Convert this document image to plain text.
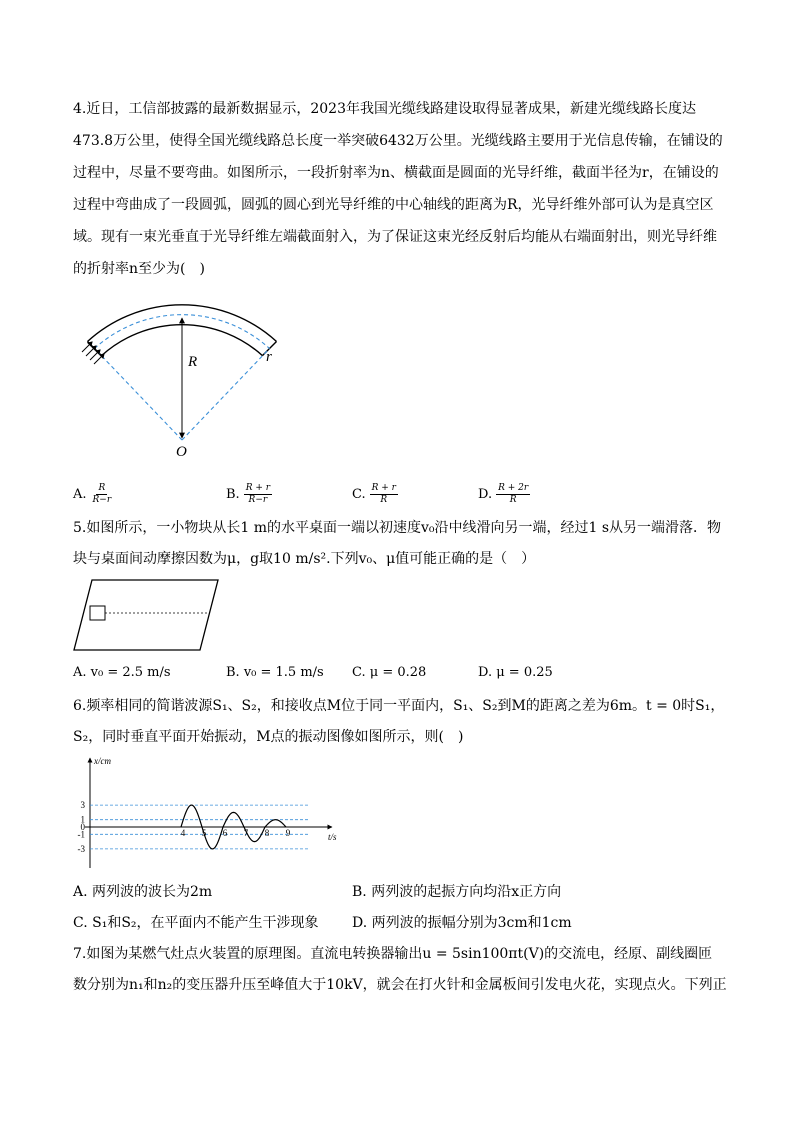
4.近日，工信部披露的最新数据显示，2023年我国光缆线路建设取得显著成果，新建光缆线路长度达
473.8万公里，使得全国光缆线路总长度一举突破6432万公里。光缆线路主要用于光信息传输，在铺设的
过程中，尽量不要弯曲。如图所示，一段折射率为n、横截面是圆面的光导纤维，截面半径为r，在铺设的
过程中弯曲成了一段圆弧，圆弧的圆心到光导纤维的中心轴线的距离为R，光导纤维外部可认为是真空区
域。现有一束光垂直于光导纤维左端截面射入，为了保证这束光经反射后均能从右端面射出，则光导纤维
的折射率n至少为(　)
R	r
O
A. $\frac{R}{R-r}$	B. $\frac{R + r}{R-r}$	C. $\frac{R + r}{R}$	D. $\frac{R + 2r}{R}$
5.如图所示，一小物块从长1 m的水平桌面一端以初速度v₀沿中线滑向另一端，经过1 s从另一端滑落．物
块与桌面间动摩擦因数为μ，g取10 m/s².下列v₀、μ值可能正确的是（　）
A. v₀ = 2.5 m/s	B. v₀ = 1.5 m/s C. μ = 0.28	D. μ = 0.25
6.频率相同的简谐波源S₁、S₂，和接收点M位于同一平面内，S₁、S₂到M的距离之差为6m。t = 0时S₁，
S₂，同时垂直平面开始振动，M点的振动图像如图所示，则(　)
x/cm
t/s
3
1
0
-1
-3
4 5 6 7 8 9
A. 两列波的波长为2m	B. 两列波的起振方向均沿x正方向
C. S₁和S₂，在平面内不能产生干涉现象 D. 两列波的振幅分别为3cm和1cm
7.如图为某燃气灶点火装置的原理图。直流电转换器输出u = 5sin100πt(V)的交流电，经原、副线圈匝
数分别为n₁和n₂的变压器升压至峰值大于10kV，就会在打火针和金属板间引发电火花，实现点火。下列正
